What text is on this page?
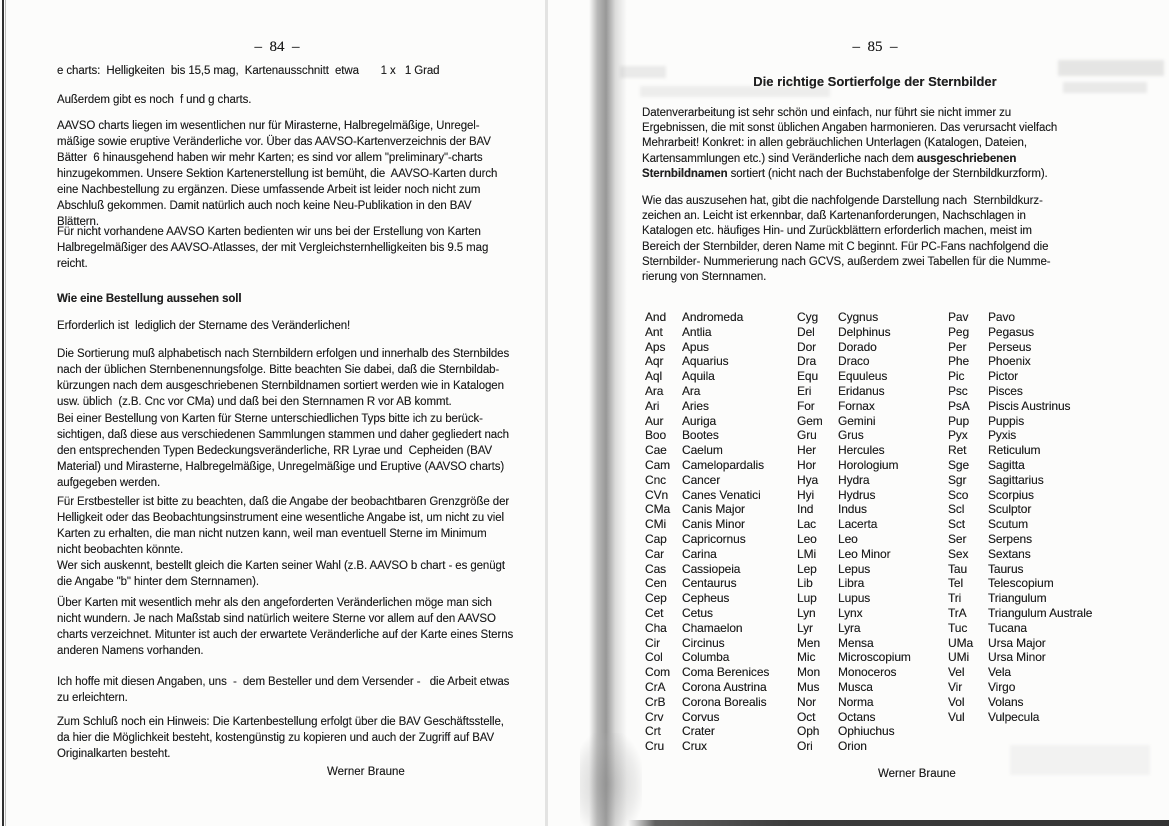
–  84  –
e charts:  Helligkeiten  bis 15,5 mag,  Kartenausschnitt  etwa       1 x   1 Grad
Außerdem gibt es noch  f und g charts.
AAVSO charts liegen im wesentlichen nur für Mirasterne, Halbregelmäßige, Unregel-
mäßige sowie eruptive Veränderliche vor. Über das AAVSO-Kartenverzeichnis der BAV
Bätter  6 hinausgehend haben wir mehr Karten; es sind vor allem "preliminary"-charts
hinzugekommen. Unsere Sektion Kartenerstellung ist bemüht, die  AAVSO-Karten durch
eine Nachbestellung zu ergänzen. Diese umfassende Arbeit ist leider noch nicht zum
Abschluß gekommen. Damit natürlich auch noch keine Neu-Publikation in den BAV
Blättern.
Für nicht vorhandene AAVSO Karten bedienten wir uns bei der Erstellung von Karten
Halbregelmäßiger des AAVSO-Atlasses, der mit Vergleichsternhelligkeiten bis 9.5 mag
reicht.
Wie eine Bestellung aussehen soll
Erforderlich ist  lediglich der Stername des Veränderlichen!
Die Sortierung muß alphabetisch nach Sternbildern erfolgen und innerhalb des Sternbildes
nach der üblichen Sternbenennungsfolge. Bitte beachten Sie dabei, daß die Sternbildab-
kürzungen nach dem ausgeschriebenen Sternbildnamen sortiert werden wie in Katalogen
usw. üblich  (z.B. Cnc vor CMa) und daß bei den Sternnamen R vor AB kommt.
Bei einer Bestellung von Karten für Sterne unterschiedlichen Typs bitte ich zu berück-
sichtigen, daß diese aus verschiedenen Sammlungen stammen und daher gegliedert nach
den entsprechenden Typen Bedeckungsveränderliche, RR Lyrae und  Cepheiden (BAV
Material) und Mirasterne, Halbregelmäßige, Unregelmäßige und Eruptive (AAVSO charts)
aufgegeben werden.
Für Erstbesteller ist bitte zu beachten, daß die Angabe der beobachtbaren Grenzgröße der
Helligkeit oder das Beobachtungsinstrument eine wesentliche Angabe ist, um nicht zu viel
Karten zu erhalten, die man nicht nutzen kann, weil man eventuell Sterne im Minimum
nicht beobachten könnte.
Wer sich auskennt, bestellt gleich die Karten seiner Wahl (z.B. AAVSO b chart - es genügt
die Angabe "b" hinter dem Sternnamen).
Über Karten mit wesentlich mehr als den angeforderten Veränderlichen möge man sich
nicht wundern. Je nach Maßstab sind natürlich weitere Sterne vor allem auf den AAVSO
charts verzeichnet. Mitunter ist auch der erwartete Veränderliche auf der Karte eines Sterns
anderen Namens vorhanden.
Ich hoffe mit diesen Angaben, uns  -  dem Besteller und dem Versender -   die Arbeit etwas
zu erleichtern.
Zum Schluß noch ein Hinweis: Die Kartenbestellung erfolgt über die BAV Geschäftsstelle,
da hier die Möglichkeit besteht, kostengünstig zu kopieren und auch der Zugriff auf BAV
Originalkarten besteht.
Werner Braune
–  85  –
Die richtige Sortierfolge der Sternbilder
Datenverarbeitung ist sehr schön und einfach, nur führt sie nicht immer zu
Ergebnissen, die mit sonst üblichen Angaben harmonieren. Das verursacht vielfach
Mehrarbeit! Konkret: in allen gebräuchlichen Unterlagen (Katalogen, Dateien,
Kartensammlungen etc.) sind Veränderliche nach dem ausgeschriebenen
Sternbildnamen sortiert (nicht nach der Buchstabenfolge der Sternbildkurzform).
Wie das auszusehen hat, gibt die nachfolgende Darstellung nach  Sternbildkurz-
zeichen an. Leicht ist erkennbar, daß Kartenanforderungen, Nachschlagen in
Katalogen etc. häufiges Hin- und Zurückblättern erforderlich machen, meist im
Bereich der Sternbilder, deren Name mit C beginnt. Für PC-Fans nachfolgend die
Sternbilder- Nummerierung nach GCVS, außerdem zwei Tabellen für die Numme-
rierung von Sternnamen.
And Andromeda
Ant Antlia
Aps Apus
Aqr Aquarius
Aql Aquila
Ara Ara
Ari Aries
Aur Auriga
Boo Bootes
Cae Caelum
Cam Camelopardalis
Cnc Cancer
CVn Canes Venatici
CMa Canis Major
CMi Canis Minor
Cap Capricornus
Car Carina
Cas Cassiopeia
Cen Centaurus
Cep Cepheus
Cet Cetus
Cha Chamaelon
Cir Circinus
Col Columba
Com Coma Berenices
CrA Corona Austrina
CrB Corona Borealis
Crv Corvus
Crt Crater
Cru Crux
Cyg Cygnus
Del Delphinus
Dor Dorado
Dra Draco
Equ Equuleus
Eri Eridanus
For Fornax
Gem Gemini
Gru Grus
Her Hercules
Hor Horologium
Hya Hydra
Hyi Hydrus
Ind Indus
Lac Lacerta
Leo Leo
LMi Leo Minor
Lep Lepus
Lib Libra
Lup Lupus
Lyn Lynx
Lyr Lyra
Men Mensa
Mic Microscopium
Mon Monoceros
Mus Musca
Nor Norma
Oct Octans
Oph Ophiuchus
Ori Orion
Pav Pavo
Peg Pegasus
Per Perseus
Phe Phoenix
Pic Pictor
Psc Pisces
PsA Piscis Austrinus
Pup Puppis
Pyx Pyxis
Ret Reticulum
Sge Sagitta
Sgr Sagittarius
Sco Scorpius
Scl Sculptor
Sct Scutum
Ser Serpens
Sex Sextans
Tau Taurus
Tel Telescopium
Tri Triangulum
TrA Triangulum Australe
Tuc Tucana
UMa Ursa Major
UMi Ursa Minor
Vel Vela
Vir Virgo
Vol Volans
Vul Vulpecula
Werner Braune
